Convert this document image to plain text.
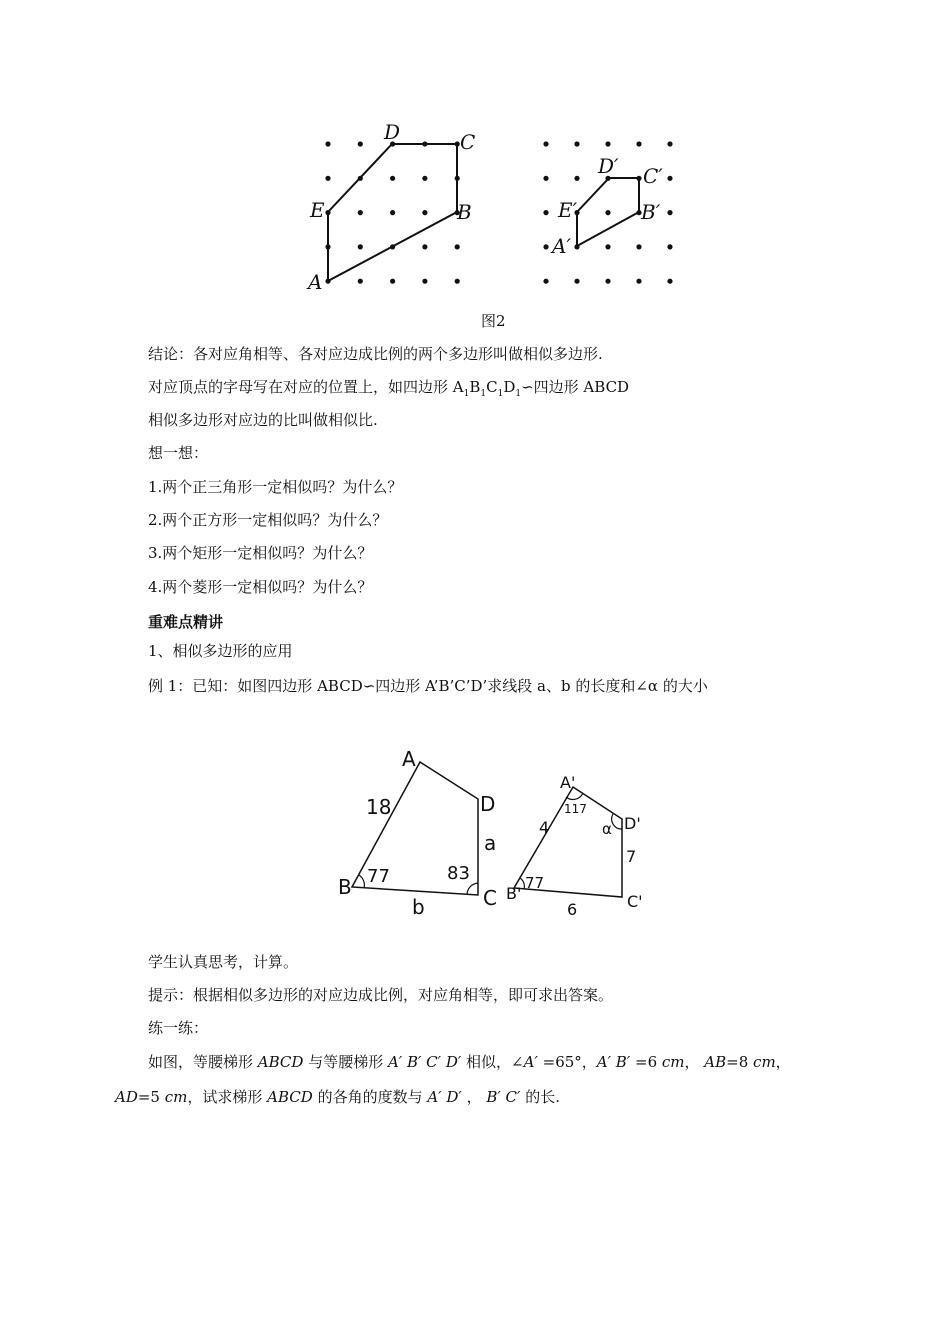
A
B
C
D
E
A′
B′
C′
D′
E′
图2
结论：各对应角相等、各对应边成比例的两个多边形叫做相似多边形.
对应顶点的字母写在对应的位置上，如四边形 $A_1B_1C_1D_1∽$四边形 ABCD
相似多边形对应边的比叫做相似比.
想一想：
1.两个正三角形一定相似吗？为什么？
2.两个正方形一定相似吗？为什么？
3.两个矩形一定相似吗？为什么？
4.两个菱形一定相似吗？为什么？
重难点精讲
1、相似多边形的应用
例 1：已知：如图四边形 ABCD∽四边形 A’B’C’D’求线段 a、b 的长度和∠α 的大小
A
B	C
D
18
a
b
77	83
A'
B'	C'
D'
4
7
6
77
117
α
学生认真思考，计算。
提示：根据相似多边形的对应边成比例，对应角相等，即可求出答案。
练一练：
如图，等腰梯形 ABCD 与等腰梯形 A′ B′ C′ D′ 相似，∠A′ =65°，A′ B′ =6 cm， AB=8 cm，
AD=5 cm，试求梯形 ABCD 的各角的度数与 A′ D′ ， B′ C′ 的长.
